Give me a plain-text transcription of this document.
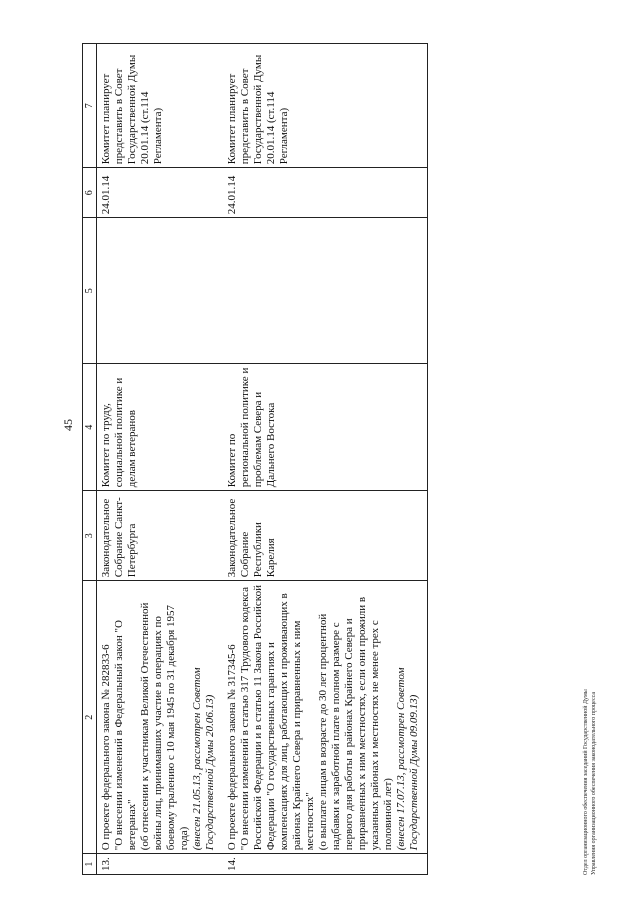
45
1	2	3	4	5	6	7
13.	О проекте федерального закона № 282833-6 "О внесении изменений в Федеральный закон "О ветеранах" (об отнесении к участникам Великой Отечественной войны лиц, принимавших участие в операциях по боевому тралению с 10 мая 1945 по 31 декабря 1957 года) (внесен 21.05.13, рассмотрен Советом Государственной Думы 20.06.13)	Законодательное Собрание Санкт-Петербурга	Комитет по труду, социальной политике и делам ветеранов		24.01.14	Комитет планирует представить в Совет Государственной Думы 20.01.14 (ст.114 Регламента)
14.	О проекте федерального закона № 317345-6 "О внесении изменений в статью 317 Трудового кодекса Российской Федерации и в статью 11 Закона Российской Федерации "О государственных гарантиях и компенсациях для лиц, работающих и проживающих в районах Крайнего Севера и приравненных к ним местностях" (о выплате лицам в возрасте до 30 лет процентной надбавки к заработной плате в полном размере с первого дня работы в районах Крайнего Севера и приравненных к ним местностях, если они прожили в указанных районах и местностях не менее трех с половиной лет) (внесен 17.07.13, рассмотрен Советом Государственной Думы 09.09.13)	Законодательное Собрание Республики Карелия	Комитет по региональной политике и проблемам Севера и Дальнего Востока		24.01.14	Комитет планирует представить в Совет Государственной Думы 20.01.14 (ст.114 Регламента)
Отдел организационного обеспечения заседаний Государственной Думы Управления организационного обеспечения законодательного процесса
